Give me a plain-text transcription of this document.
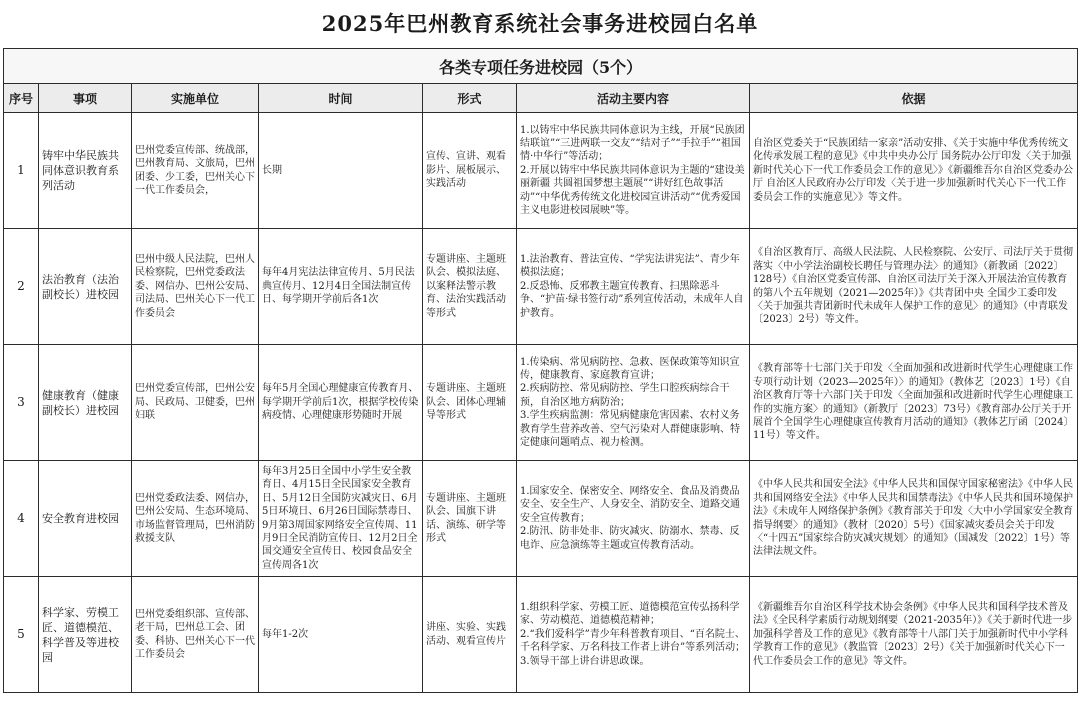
2025年巴州教育系统社会事务进校园白名单
各类专项任务进校园（5个）						
序号	事项	实施单位	时间	形式	活动主要内容	依据
1	铸牢中华民族共同体意识教育系列活动	巴州党委宣传部、统战部，巴州教育局、文旅局，巴州团委、少工委，巴州关心下一代工作委员会，	长期	宣传、宣讲、观看影片、展板展示、实践活动	1.以铸牢中华民族共同体意识为主线，开展“民族团结联谊”“三进两联一交友”“结对子”“手拉手”“祖国情·中华行”等活动；
2.开展以铸牢中华民族共同体意识为主题的“建设美丽新疆 共圆祖国梦想主题展”“讲好红色故事活动”“中华优秀传统文化进校园宣讲活动”“优秀爱国主义电影进校园展映”等。	自治区党委关于“民族团结一家亲”活动安排、《关于实施中华优秀传统文化传承发展工程的意见》《中共中央办公厅 国务院办公厅印发〈关于加强新时代关心下一代工作委员会工作的意见〉》《新疆维吾尔自治区党委办公厅 自治区人民政府办公厅印发〈关于进一步加强新时代关心下一代工作委员会工作的实施意见〉》等文件。
2	法治教育（法治副校长）进校园	巴州中级人民法院，巴州人民检察院，巴州党委政法委、网信办、巴州公安局、司法局、巴州关心下一代工作委员会	每年4月宪法法律宣传月、5月民法典宣传月、12月4日全国法制宣传日、每学期开学前后各1次	专题讲座、主题班队会、模拟法庭、以案释法警示教育、法治实践活动等形式	1.法治教育、普法宣传、“学宪法讲宪法”、青少年模拟法庭；
2.反恐怖、反邪教主题宣传教育、扫黑除恶斗争、“护苗·绿书签行动”系列宣传活动，未成年人自护教育。	《自治区教育厅、高级人民法院、人民检察院、公安厅、司法厅关于贯彻落实〈中小学法治副校长聘任与管理办法〉的通知》（新教函〔2022〕128号）《自治区党委宣传部、自治区司法厅关于深入开展法治宣传教育的第八个五年规划（2021—2025年）》《共青团中央 全国少工委印发〈关于加强共青团新时代未成年人保护工作的意见〉的通知》（中青联发〔2023〕2号）等文件。
3	健康教育（健康副校长）进校园	巴州党委宣传部，巴州公安局、民政局、卫健委，巴州妇联	每年5月全国心理健康宣传教育月、每学期开学前后1次，根据学校传染病疫情、心理健康形势随时开展	专题讲座、主题班队会、团体心理辅导等形式	1.传染病、常见病防控、急救、医保政策等知识宣传，健康教育、家庭教育宣讲；
2.疾病防控、常见病防控、学生口腔疾病综合干预，自治区地方病防治；
3.学生疾病监测：常见病健康危害因素、农村义务教育学生营养改善、空气污染对人群健康影响、特定健康问题哨点、视力检测。	《教育部等十七部门关于印发〈全面加强和改进新时代学生心理健康工作专项行动计划（2023—2025年）〉的通知》（教体艺〔2023〕1号）《自治区教育厅等十六部门关于印发〈全面加强和改进新时代学生心理健康工作的实施方案〉的通知》（新教厅〔2023〕73号）《教育部办公厅关于开展首个全国学生心理健康宣传教育月活动的通知》（教体艺厅函〔2024〕11号）等文件。
4	安全教育进校园	巴州党委政法委、网信办，巴州公安局、生态环境局、市场监督管理局，巴州消防救援支队	每年3月25日全国中小学生安全教育日、4月15日全民国家安全教育日、5月12日全国防灾减灾日、6月5日环境日、6月26日国际禁毒日、9月第3周国家网络安全宣传周、11月9日全民消防宣传日、12月2日全国交通安全宣传日、校园食品安全宣传周各1次	专题讲座、主题班队会、国旗下讲话、演练、研学等形式	1.国家安全、保密安全、网络安全、食品及消费品安全、安全生产、人身安全、消防安全、道路交通安全宣传教育；
2.防汛、防非处非、防灾减灾、防溺水、禁毒、反电诈、应急演练等主题或宣传教育活动。	《中华人民共和国安全法》《中华人民共和国保守国家秘密法》《中华人民共和国网络安全法》《中华人民共和国禁毒法》《中华人民共和国环境保护法》《未成年人网络保护条例》《教育部关于印发〈大中小学国家安全教育指导纲要〉的通知》（教材〔2020〕5号）《国家减灾委员会关于印发〈“十四五”国家综合防灾减灾规划〉的通知》（国减发〔2022〕1号）等法律法规文件。
5	科学家、劳模工匠、道德模范、科学普及等进校园	巴州党委组织部、宣传部、老干局，巴州总工会、团委、科协、巴州关心下一代工作委员会	每年1-2次	讲座、实验、实践活动、观看宣传片	1.组织科学家、劳模工匠、道德模范宣传弘扬科学家、劳动模范、道德模范精神；
2.“我们爱科学”青少年科普教育项目、“百名院士、千名科学家、万名科技工作者上讲台”等系列活动；
3.领导干部上讲台讲思政课。	《新疆维吾尔自治区科学技术协会条例》《中华人民共和国科学技术普及法》《全民科学素质行动规划纲要（2021-2035年）》《关于新时代进一步加强科学普及工作的意见》《教育部等十八部门关于加强新时代中小学科学教育工作的意见》（教监管〔2023〕2号）《关于加强新时代关心下一代工作委员会工作的意见》等文件。
